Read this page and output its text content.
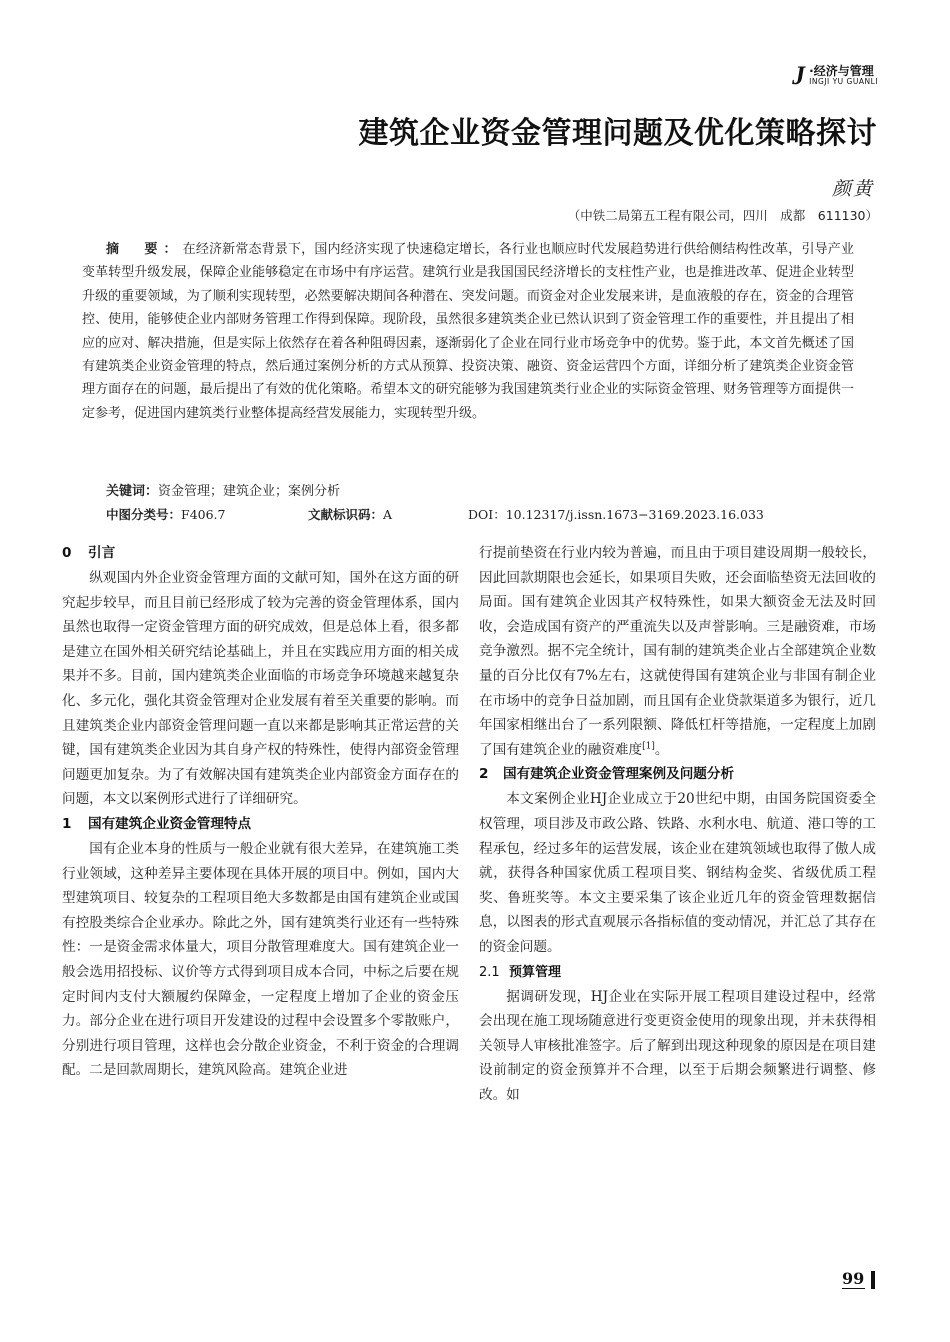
J ·经济与管理
INGJI YU GUANLI
建筑企业资金管理问题及优化策略探讨
颜黄
（中铁二局第五工程有限公司，四川　成都　611130）

摘　要：在经济新常态背景下，国内经济实现了快速稳定增长，各行业也顺应时代发展趋势进行供给侧结构性改革，引导产业变革转型升级发展，保障企业能够稳定在市场中有序运营。建筑行业是我国国民经济增长的支柱性产业，也是推进改革、促进企业转型升级的重要领域，为了顺利实现转型，必然要解决期间各种潜在、突发问题。而资金对企业发展来讲，是血液般的存在，资金的合理管控、使用，能够使企业内部财务管理工作得到保障。现阶段，虽然很多建筑类企业已然认识到了资金管理工作的重要性，并且提出了相应的应对、解决措施，但是实际上依然存在着各种阻碍因素，逐渐弱化了企业在同行业市场竞争中的优势。鉴于此，本文首先概述了国有建筑类企业资金管理的特点，然后通过案例分析的方式从预算、投资决策、融资、资金运营四个方面，详细分析了建筑类企业资金管理方面存在的问题，最后提出了有效的优化策略。希望本文的研究能够为我国建筑类行业企业的实际资金管理、财务管理等方面提供一定参考，促进国内建筑类行业整体提高经营发展能力，实现转型升级。

关键词：资金管理；建筑企业；案例分析
中图分类号：F406.7	文献标识码：A	DOI：10.12317/j.issn.1673−3169.2023.16.033
0 引言

纵观国内外企业资金管理方面的文献可知，国外在这方面的研究起步较早，而且目前已经形成了较为完善的资金管理体系，国内虽然也取得一定资金管理方面的研究成效，但是总体上看，很多都是建立在国外相关研究结论基础上，并且在实践应用方面的相关成果并不多。目前，国内建筑类企业面临的市场竞争环境越来越复杂化、多元化，强化其资金管理对企业发展有着至关重要的影响。而且建筑类企业内部资金管理问题一直以来都是影响其正常运营的关键，国有建筑类企业因为其自身产权的特殊性，使得内部资金管理问题更加复杂。为了有效解决国有建筑类企业内部资金方面存在的问题，本文以案例形式进行了详细研究。

1 国有建筑企业资金管理特点

国有企业本身的性质与一般企业就有很大差异，在建筑施工类行业领域，这种差异主要体现在具体开展的项目中。例如，国内大型建筑项目、较复杂的工程项目绝大多数都是由国有建筑企业或国有控股类综合企业承办。除此之外，国有建筑类行业还有一些特殊性：一是资金需求体量大，项目分散管理难度大。国有建筑企业一般会选用招投标、议价等方式得到项目成本合同，中标之后要在规定时间内支付大额履约保障金，一定程度上增加了企业的资金压力。部分企业在进行项目开发建设的过程中会设置多个零散账户，分别进行项目管理，这样也会分散企业资金，不利于资金的合理调配。二是回款周期长，建筑风险高。建筑企业进

行提前垫资在行业内较为普遍，而且由于项目建设周期一般较长，因此回款期限也会延长，如果项目失败，还会面临垫资无法回收的局面。国有建筑企业因其产权特殊性，如果大额资金无法及时回收，会造成国有资产的严重流失以及声誉影响。三是融资难，市场竞争激烈。据不完全统计，国有制的建筑类企业占全部建筑企业数量的百分比仅有7%左右，这就使得国有建筑企业与非国有制企业在市场中的竞争日益加剧，而且国有企业贷款渠道多为银行，近几年国家相继出台了一系列限额、降低杠杆等措施，一定程度上加剧了国有建筑企业的融资难度[1]。

2 国有建筑企业资金管理案例及问题分析

本文案例企业HJ企业成立于20世纪中期，由国务院国资委全权管理，项目涉及市政公路、铁路、水利水电、航道、港口等的工程承包，经过多年的运营发展，该企业在建筑领域也取得了傲人成就，获得各种国家优质工程项目奖、钢结构金奖、省级优质工程奖、鲁班奖等。本文主要采集了该企业近几年的资金管理数据信息，以图表的形式直观展示各指标值的变动情况，并汇总了其存在的资金问题。

2.1 预算管理

据调研发现，HJ企业在实际开展工程项目建设过程中，经常会出现在施工现场随意进行变更资金使用的现象出现，并未获得相关领导人审核批准签字。后了解到出现这种现象的原因是在项目建设前制定的资金预算并不合理，以至于后期会频繁进行调整、修改。如

99
